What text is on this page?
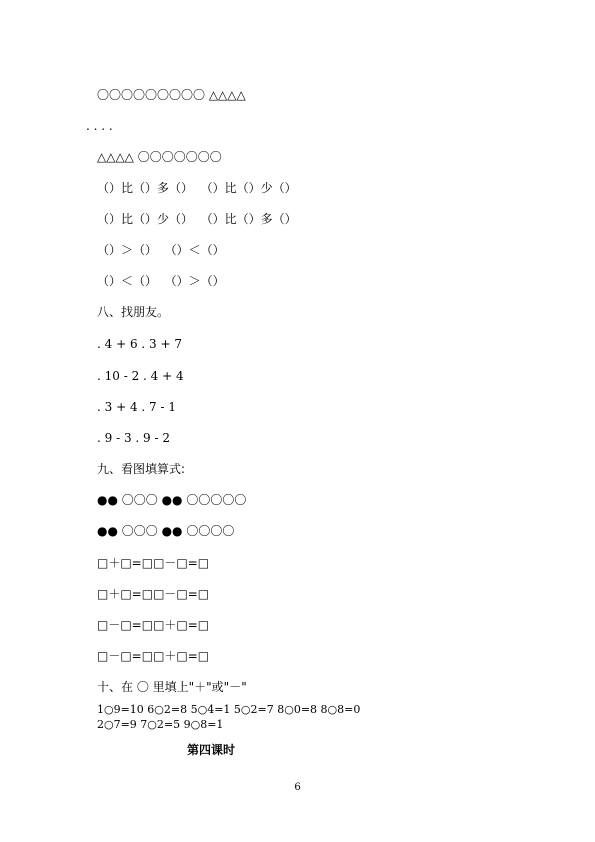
〇〇〇〇〇〇〇〇〇 △△△△
. . . .
△△△△ 〇〇〇〇〇〇〇
（）比（）多（）  （）比（）少（）
（）比（）少（）  （）比（）多（）
（）＞（）  （）＜（）
（）＜（）  （）＞（）
八、找朋友。
. 4 + 6 . 3 + 7
. 10 - 2 . 4 + 4
. 3 + 4 . 7 - 1
. 9 - 3 . 9 - 2
九、看图填算式:
●● 〇〇〇 ●● 〇〇〇〇〇
●● 〇〇〇 ●● 〇〇〇〇
□＋□=□□－□=□
□＋□=□□－□=□
□－□=□□＋□=□
□－□=□□＋□=□
十、在 〇 里填上"＋"或"－"
1○9=10 6○2=8 5○4=1 5○2=7 8○0=8 8○8=0
2○7=9 7○2=5 9○8=1
第四课时
6
